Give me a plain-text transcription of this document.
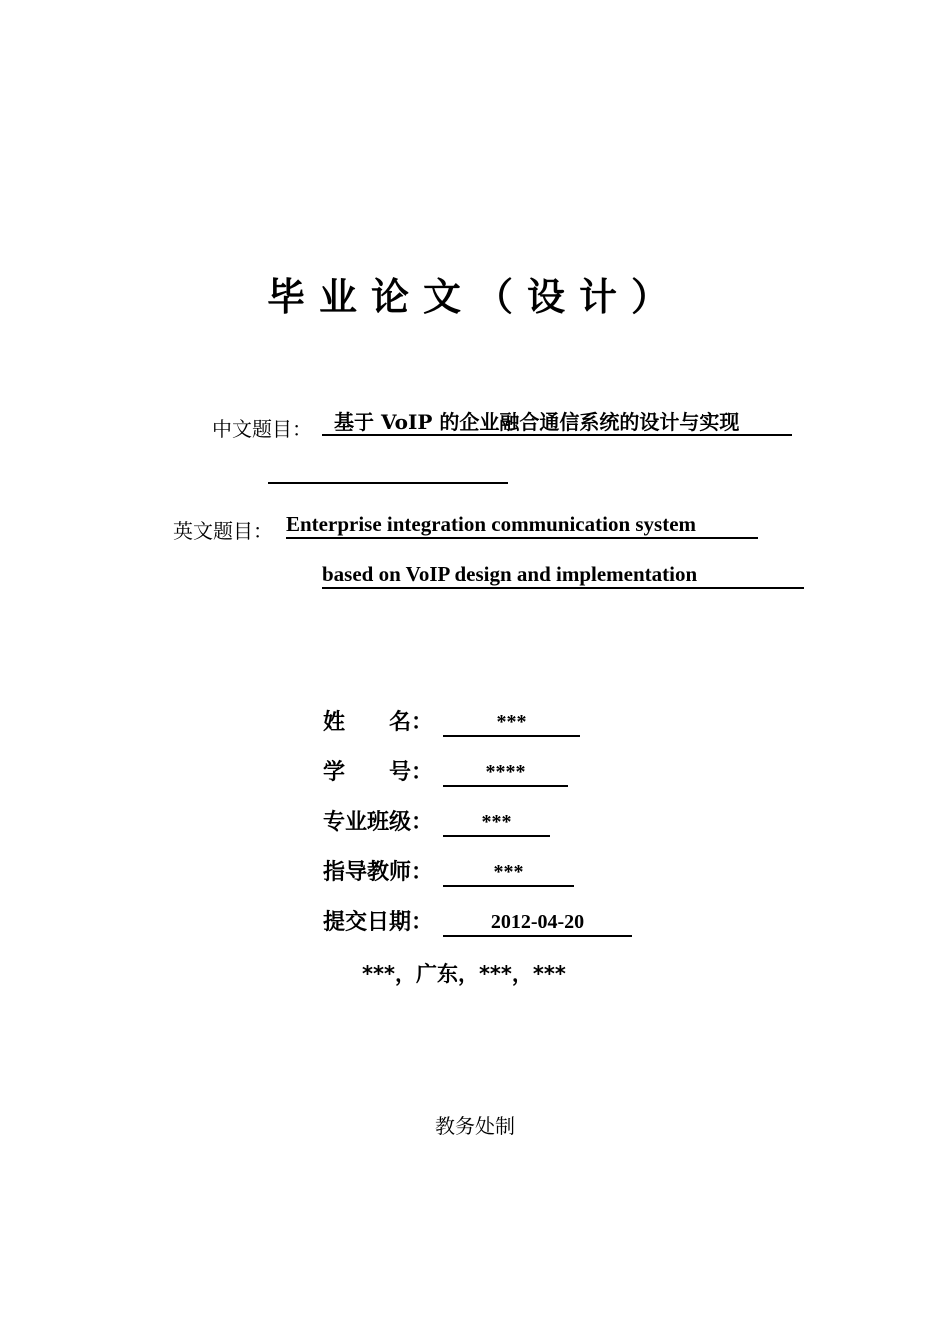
毕业论文（设计）
中文题目：	基于 VoIP 的企业融合通信系统的设计与实现
英文题目： Enterprise integration communication system
based on VoIP design and implementation
姓　　名：	***
学　　号：	****
专业班级：	***
指导教师：	***
提交日期：	2012-04-20
***，广东，***，***
教务处制
